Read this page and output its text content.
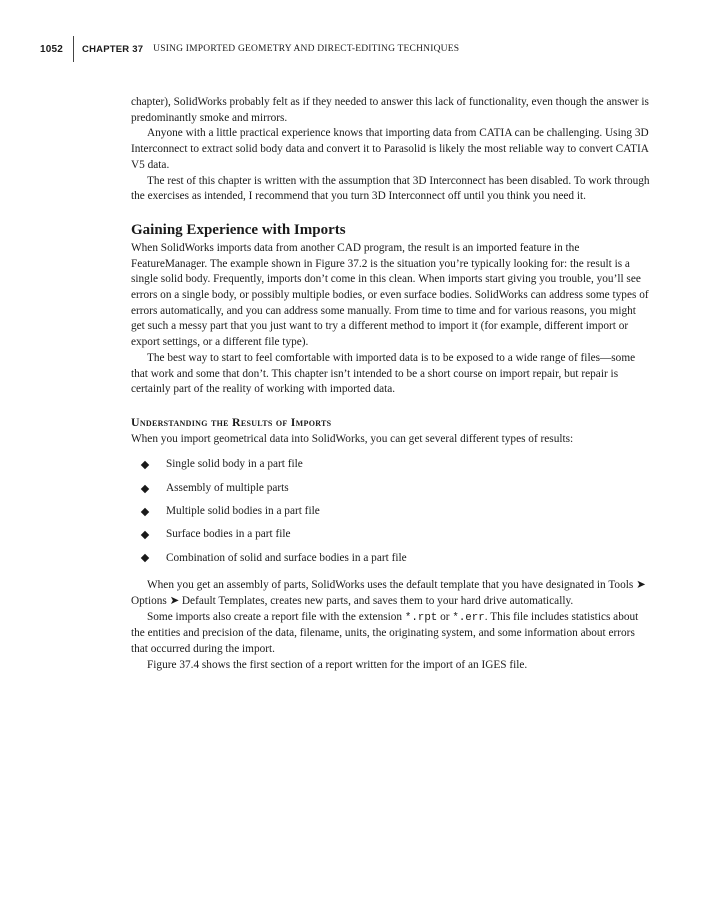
1052	CHAPTER 37 USING IMPORTED GEOMETRY AND DIRECT-EDITING TECHNIQUES

chapter), SolidWorks probably felt as if they needed to answer this lack of functionality, even though the answer is predominantly smoke and mirrors.

Anyone with a little practical experience knows that importing data from CATIA can be challenging. Using 3D Interconnect to extract solid body data and convert it to Parasolid is likely the most reliable way to convert CATIA V5 data.

The rest of this chapter is written with the assumption that 3D Interconnect has been disabled. To work through the exercises as intended, I recommend that you turn 3D Interconnect off until you think you need it.

Gaining Experience with Imports

When SolidWorks imports data from another CAD program, the result is an imported feature in the FeatureManager. The example shown in Figure 37.2 is the situation you’re typically looking for: the result is a single solid body. Frequently, imports don’t come in this clean. When imports start giving you trouble, you’ll see errors on a single body, or possibly multiple bodies, or even surface bodies. SolidWorks can address some types of errors automatically, and you can address some manually. From time to time and for various reasons, you might get such a messy part that you just want to try a different method to import it (for example, different import or export settings, or a different file type).

The best way to start to feel comfortable with imported data is to be exposed to a wide range of files—some that work and some that don’t. This chapter isn’t intended to be a short course on import repair, but repair is certainly part of the reality of working with imported data.

Understanding the Results of Imports

When you import geometrical data into SolidWorks, you can get several different types of results:

Single solid body in a part file
Assembly of multiple parts
Multiple solid bodies in a part file
Surface bodies in a part file
Combination of solid and surface bodies in a part file

When you get an assembly of parts, SolidWorks uses the default template that you have designated in Tools ➤ Options ➤ Default Templates, creates new parts, and saves them to your hard drive automatically.

Some imports also create a report file with the extension *.rpt or *.err. This file includes statistics about the entities and precision of the data, filename, units, the originating system, and some information about errors that occurred during the import.

Figure 37.4 shows the first section of a report written for the import of an IGES file.
